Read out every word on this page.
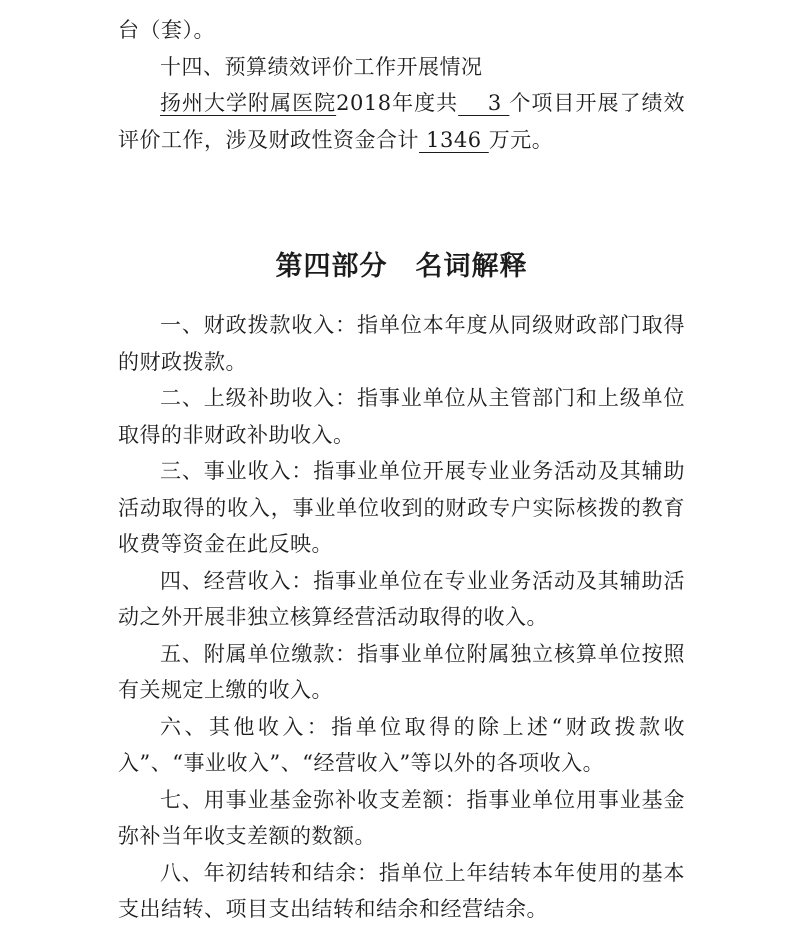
台（套）。

十四、预算绩效评价工作开展情况

扬州大学附属医院2018年度共　 3 个项目开展了绩效评价工作，涉及财政性资金合计 1346 万元。

第四部分　名词解释

一、财政拨款收入：指单位本年度从同级财政部门取得的财政拨款。

二、上级补助收入：指事业单位从主管部门和上级单位取得的非财政补助收入。

三、事业收入：指事业单位开展专业业务活动及其辅助活动取得的收入，事业单位收到的财政专户实际核拨的教育收费等资金在此反映。

四、经营收入：指事业单位在专业业务活动及其辅助活动之外开展非独立核算经营活动取得的收入。

五、附属单位缴款：指事业单位附属独立核算单位按照有关规定上缴的收入。

六、其他收入：指单位取得的除上述“财政拨款收入”、“事业收入”、“经营收入”等以外的各项收入。

七、用事业基金弥补收支差额：指事业单位用事业基金弥补当年收支差额的数额。

八、年初结转和结余：指单位上年结转本年使用的基本支出结转、项目支出结转和结余和经营结余。
